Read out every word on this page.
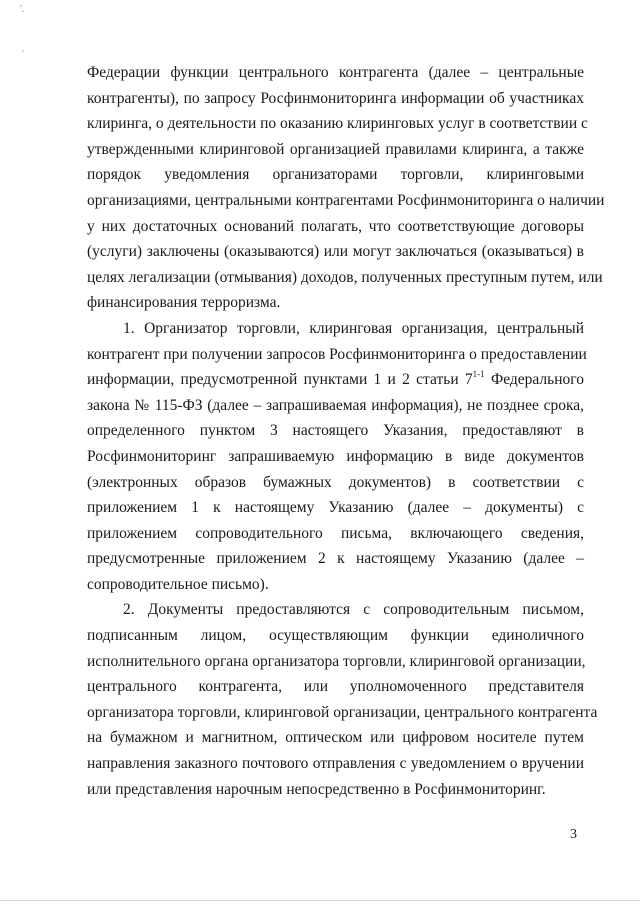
'.
,
Федерации функции центрального контрагента (далее – центральные
контрагенты), по запросу Росфинмониторинга информации об участниках
клиринга, о деятельности по оказанию клиринговых услуг в соответствии с
утвержденными клиринговой организацией правилами клиринга, а также
порядок уведомления организаторами торговли, клиринговыми
организациями, центральными контрагентами Росфинмониторинга о наличии
у них достаточных оснований полагать, что соответствующие договоры
(услуги) заключены (оказываются) или могут заключаться (оказываться) в
целях легализации (отмывания) доходов, полученных преступным путем, или
финансирования терроризма.
1. Организатор торговли, клиринговая организация, центральный
контрагент при получении запросов Росфинмониторинга о предоставлении
информации, предусмотренной пунктами 1 и 2 статьи 7$^{1-1}$ Федерального
закона № 115-ФЗ (далее – запрашиваемая информация), не позднее срока,
определенного пунктом 3 настоящего Указания, предоставляют в
Росфинмониторинг запрашиваемую информацию в виде документов
(электронных образов бумажных документов) в соответствии с
приложением 1 к настоящему Указанию (далее – документы) с
приложением сопроводительного письма, включающего сведения,
предусмотренные приложением 2 к настоящему Указанию (далее –
сопроводительное письмо).
2. Документы предоставляются с сопроводительным письмом,
подписанным лицом, осуществляющим функции единоличного
исполнительного органа организатора торговли, клиринговой организации,
центрального контрагента, или уполномоченного представителя
организатора торговли, клиринговой организации, центрального контрагента
на бумажном и магнитном, оптическом или цифровом носителе путем
направления заказного почтового отправления с уведомлением о вручении
или представления нарочным непосредственно в Росфинмониторинг.
3
